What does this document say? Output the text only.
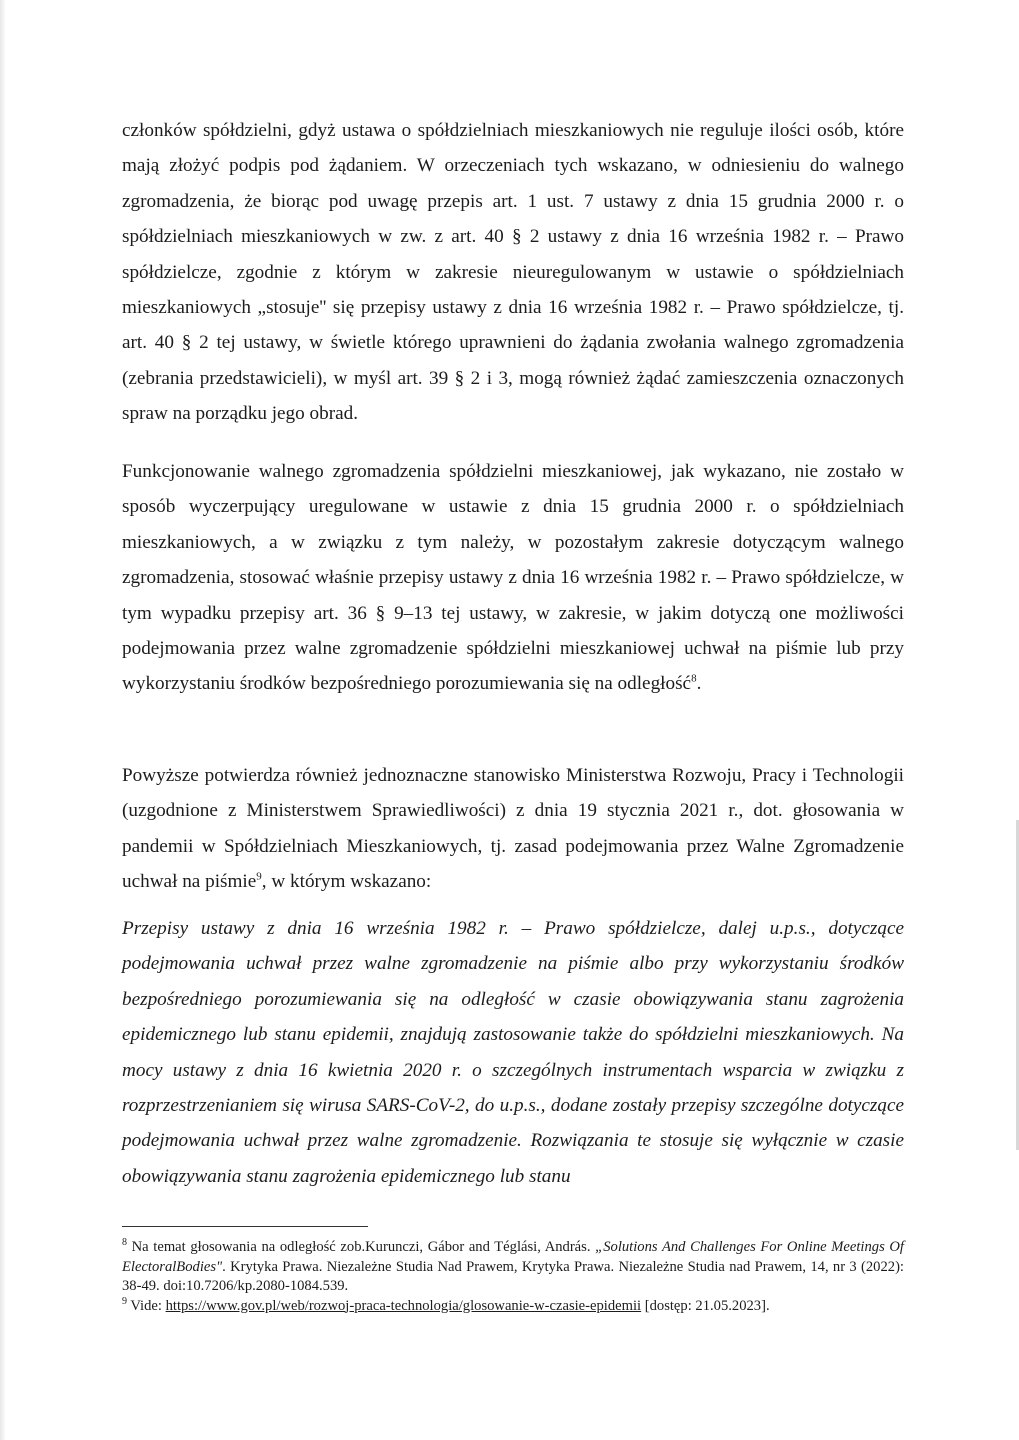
członków spółdzielni, gdyż ustawa o spółdzielniach mieszkaniowych nie reguluje ilości osób, które mają złożyć podpis pod żądaniem. W orzeczeniach tych wskazano, w odniesieniu do walnego zgromadzenia, że biorąc pod uwagę przepis art. 1 ust. 7 ustawy z dnia 15 grudnia 2000 r. o spółdzielniach mieszkaniowych w zw. z art. 40 § 2 ustawy z dnia 16 września 1982 r. – Prawo spółdzielcze, zgodnie z którym w zakresie nieuregulowanym w ustawie o spółdzielniach mieszkaniowych „stosuje'' się przepisy ustawy z dnia 16 września 1982 r. – Prawo spółdzielcze, tj. art. 40 § 2 tej ustawy, w świetle którego uprawnieni do żądania zwołania walnego zgromadzenia (zebrania przedstawicieli), w myśl art. 39 § 2 i 3, mogą również żądać zamieszczenia oznaczonych spraw na porządku jego obrad.

Funkcjonowanie walnego zgromadzenia spółdzielni mieszkaniowej, jak wykazano, nie zostało w sposób wyczerpujący uregulowane w ustawie z dnia 15 grudnia 2000 r. o spółdzielniach mieszkaniowych, a w związku z tym należy, w pozostałym zakresie dotyczącym walnego zgromadzenia, stosować właśnie przepisy ustawy z dnia 16 września 1982 r. – Prawo spółdzielcze, w tym wypadku przepisy art. 36 § 9–13 tej ustawy, w zakresie, w jakim dotyczą one możliwości podejmowania przez walne zgromadzenie spółdzielni mieszkaniowej uchwał na piśmie lub przy wykorzystaniu środków bezpośredniego porozumiewania się na odległość$^8$.

Powyższe potwierdza również jednoznaczne stanowisko Ministerstwa Rozwoju, Pracy i Technologii (uzgodnione z Ministerstwem Sprawiedliwości) z dnia 19 stycznia 2021 r., dot. głosowania w pandemii w Spółdzielniach Mieszkaniowych, tj. zasad podejmowania przez Walne Zgromadzenie uchwał na piśmie$^9$, w którym wskazano:

Przepisy ustawy z dnia 16 września 1982 r. – Prawo spółdzielcze, dalej u.p.s., dotyczące podejmowania uchwał przez walne zgromadzenie na piśmie albo przy wykorzystaniu środków bezpośredniego porozumiewania się na odległość w czasie obowiązywania stanu zagrożenia epidemicznego lub stanu epidemii, znajdują zastosowanie także do spółdzielni mieszkaniowych. Na mocy ustawy z dnia 16 kwietnia 2020 r. o szczególnych instrumentach wsparcia w związku z rozprzestrzenianiem się wirusa SARS-CoV-2, do u.p.s., dodane zostały przepisy szczególne dotyczące podejmowania uchwał przez walne zgromadzenie. Rozwiązania te stosuje się wyłącznie w czasie obowiązywania stanu zagrożenia epidemicznego lub stanu

$^8$ Na temat głosowania na odległość zob.Kurunczi, Gábor and Téglási, András. „Solutions And Challenges For Online Meetings Of ElectoralBodies". Krytyka Prawa. Niezależne Studia Nad Prawem, Krytyka Prawa. Niezależne Studia nad Prawem, 14, nr 3 (2022): 38-49. doi:10.7206/kp.2080-1084.539.

$^9$ Vide: https://www.gov.pl/web/rozwoj-praca-technologia/glosowanie-w-czasie-epidemii [dostęp: 21.05.2023].
